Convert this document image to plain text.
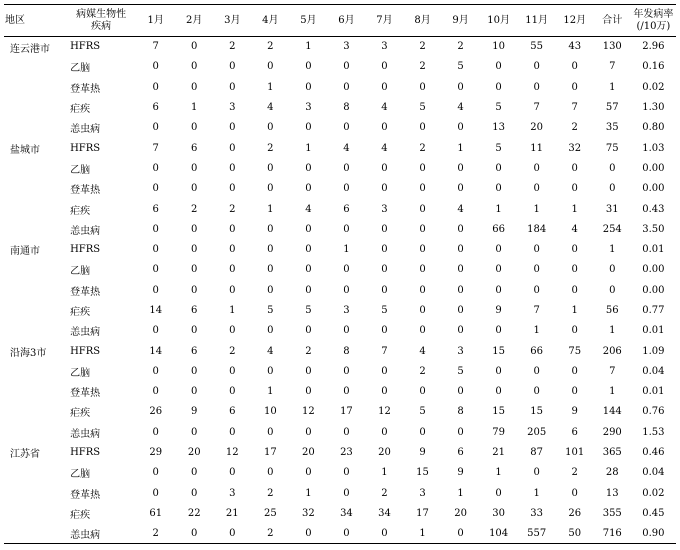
地区	病媒生物性
疾病	1月	2月	3月	4月	5月	6月	7月	8月	9月	10月	11月	12月	合计	年发病率
(/10万)

连云港市	HFRS	7	0	2	2	1	3	3	2	2	10	55	43	130	2.96
	乙脑	0	0	0	0	0	0	0	2	5	0	0	0	7	0.16
	登革热	0	0	0	1	0	0	0	0	0	0	0	0	1	0.02
	疟疾	6	1	3	4	3	8	4	5	4	5	7	7	57	1.30
	恙虫病	0	0	0	0	0	0	0	0	0	13	20	2	35	0.80
盐城市	HFRS	7	6	0	2	1	4	4	2	1	5	11	32	75	1.03
	乙脑	0	0	0	0	0	0	0	0	0	0	0	0	0	0.00
	登革热	0	0	0	0	0	0	0	0	0	0	0	0	0	0.00
	疟疾	6	2	2	1	4	6	3	0	4	1	1	1	31	0.43
	恙虫病	0	0	0	0	0	0	0	0	0	66	184	4	254	3.50
南通市	HFRS	0	0	0	0	0	1	0	0	0	0	0	0	1	0.01
	乙脑	0	0	0	0	0	0	0	0	0	0	0	0	0	0.00
	登革热	0	0	0	0	0	0	0	0	0	0	0	0	0	0.00
	疟疾	14	6	1	5	5	3	5	0	0	9	7	1	56	0.77
	恙虫病	0	0	0	0	0	0	0	0	0	0	1	0	1	0.01
沿海3市	HFRS	14	6	2	4	2	8	7	4	3	15	66	75	206	1.09
	乙脑	0	0	0	0	0	0	0	2	5	0	0	0	7	0.04
	登革热	0	0	0	1	0	0	0	0	0	0	0	0	1	0.01
	疟疾	26	9	6	10	12	17	12	5	8	15	15	9	144	0.76
	恙虫病	0	0	0	0	0	0	0	0	0	79	205	6	290	1.53
江苏省	HFRS	29	20	12	17	20	23	20	9	6	21	87	101	365	0.46
	乙脑	0	0	0	0	0	0	1	15	9	1	0	2	28	0.04
	登革热	0	0	3	2	1	0	2	3	1	0	1	0	13	0.02
	疟疾	61	22	21	25	32	34	34	17	20	30	33	26	355	0.45
	恙虫病	2	0	0	2	0	0	0	1	0	104	557	50	716	0.90
